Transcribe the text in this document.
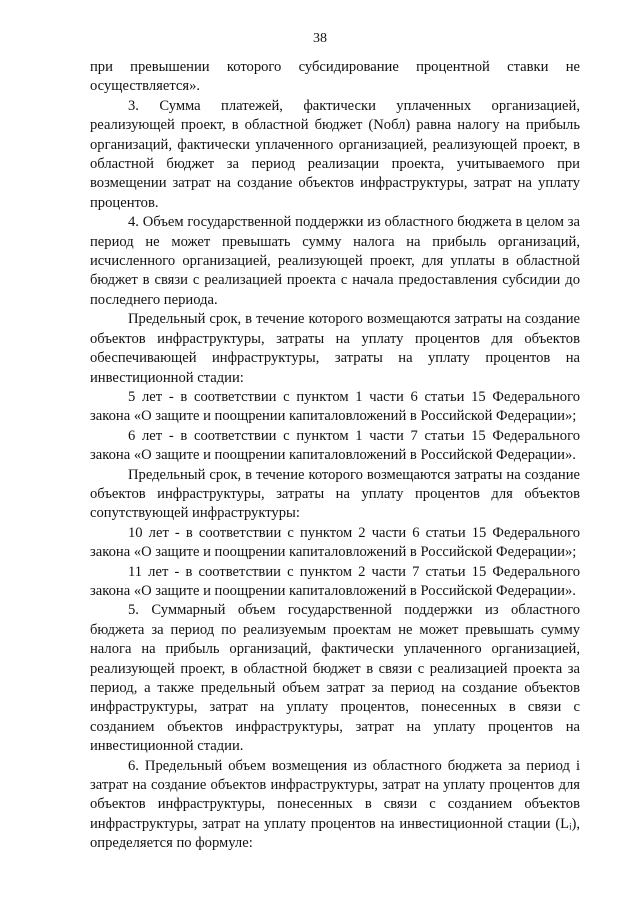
38

при превышении которого субсидирование процентной ставки не осуществляется».

3. Сумма платежей, фактически уплаченных организацией, реализующей проект, в областной бюджет (Nобл) равна налогу на прибыль организаций, фактически уплаченного организацией, реализующей проект, в областной бюджет за период реализации проекта, учитываемого при возмещении затрат на создание объектов инфраструктуры, затрат на уплату процентов.

4. Объем государственной поддержки из областного бюджета в целом за период не может превышать сумму налога на прибыль организаций, исчисленного организацией, реализующей проект, для уплаты в областной бюджет в связи с реализацией проекта с начала предоставления субсидии до последнего периода.

Предельный срок, в течение которого возмещаются затраты на создание объектов инфраструктуры, затраты на уплату процентов для объектов обеспечивающей инфраструктуры, затраты на уплату процентов на инвестиционной стадии:

5 лет - в соответствии с пунктом 1 части 6 статьи 15 Федерального закона «О защите и поощрении капиталовложений в Российской Федерации»;

6 лет - в соответствии с пунктом 1 части 7 статьи 15 Федерального закона «О защите и поощрении капиталовложений в Российской Федерации».

Предельный срок, в течение которого возмещаются затраты на создание объектов инфраструктуры, затраты на уплату процентов для объектов сопутствующей инфраструктуры:

10 лет - в соответствии с пунктом 2 части 6 статьи 15 Федерального закона «О защите и поощрении капиталовложений в Российской Федерации»;

11 лет - в соответствии с пунктом 2 части 7 статьи 15 Федерального закона «О защите и поощрении капиталовложений в Российской Федерации».

5. Суммарный объем государственной поддержки из областного бюджета за период по реализуемым проектам не может превышать сумму налога на прибыль организаций, фактически уплаченного организацией, реализующей проект, в областной бюджет в связи с реализацией проекта за период, а также предельный объем затрат за период на создание объектов инфраструктуры, затрат на уплату процентов, понесенных в связи с созданием объектов инфраструктуры, затрат на уплату процентов на инвестиционной стадии.

6. Предельный объем возмещения из областного бюджета за период i затрат на создание объектов инфраструктуры, затрат на уплату процентов для объектов инфраструктуры, понесенных в связи с созданием объектов инфраструктуры, затрат на уплату процентов на инвестиционной стации (Lᵢ), определяется по формуле:
